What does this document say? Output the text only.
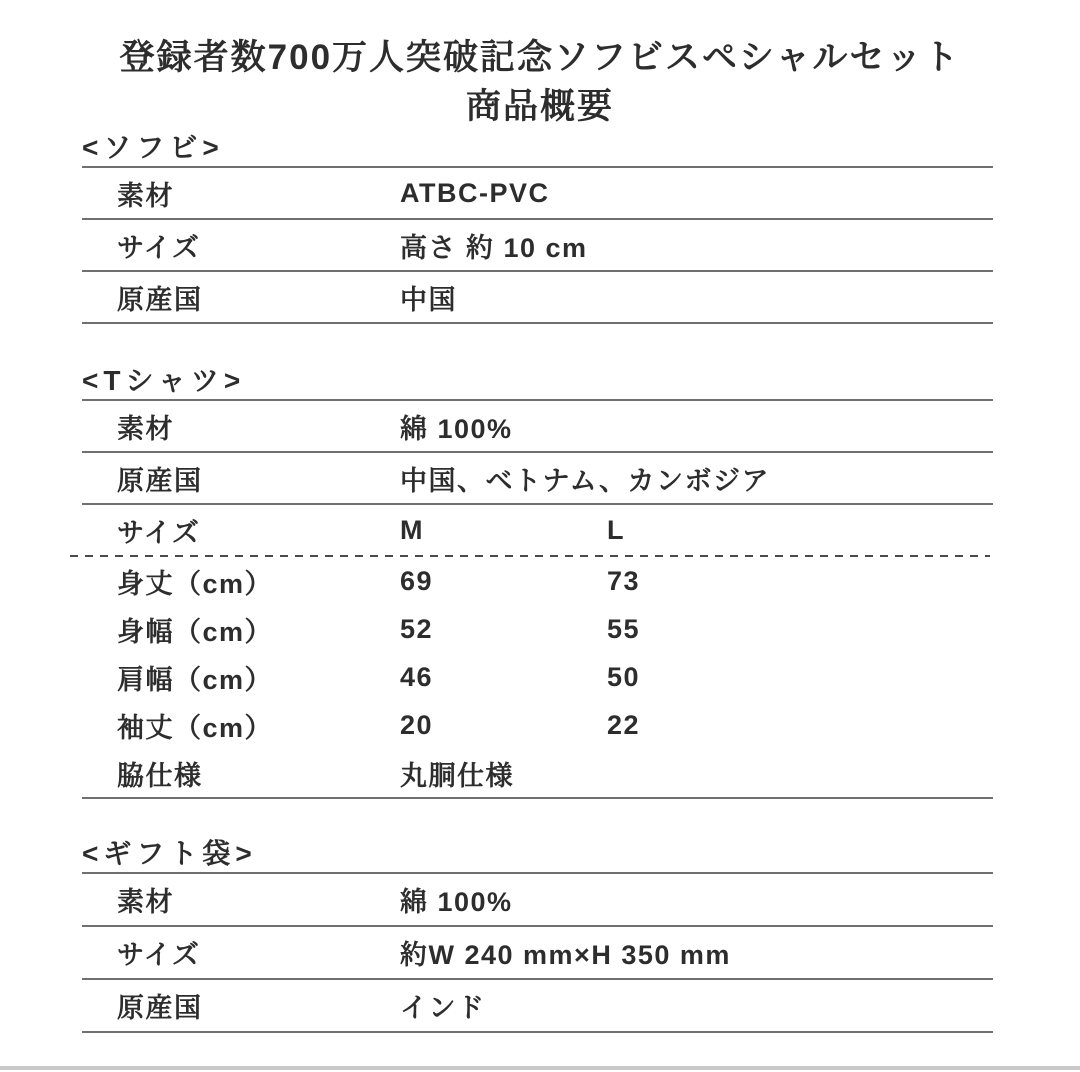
登録者数700万人突破記念ソフビスペシャルセット
商品概要
<ソフビ>
素材	ATBC-PVC
サイズ	高さ 約 10 cm
原産国	中国
<Tシャツ>
素材	綿 100%
原産国	中国、ベトナム、カンボジア
サイズ	M	L
身丈（cm）	69	73
身幅（cm）	52	55
肩幅（cm）	46	50
袖丈（cm）	20	22
脇仕様	丸胴仕様
<ギフト袋>
素材	綿 100%
サイズ	約W 240 mm×H 350 mm
原産国	インド
